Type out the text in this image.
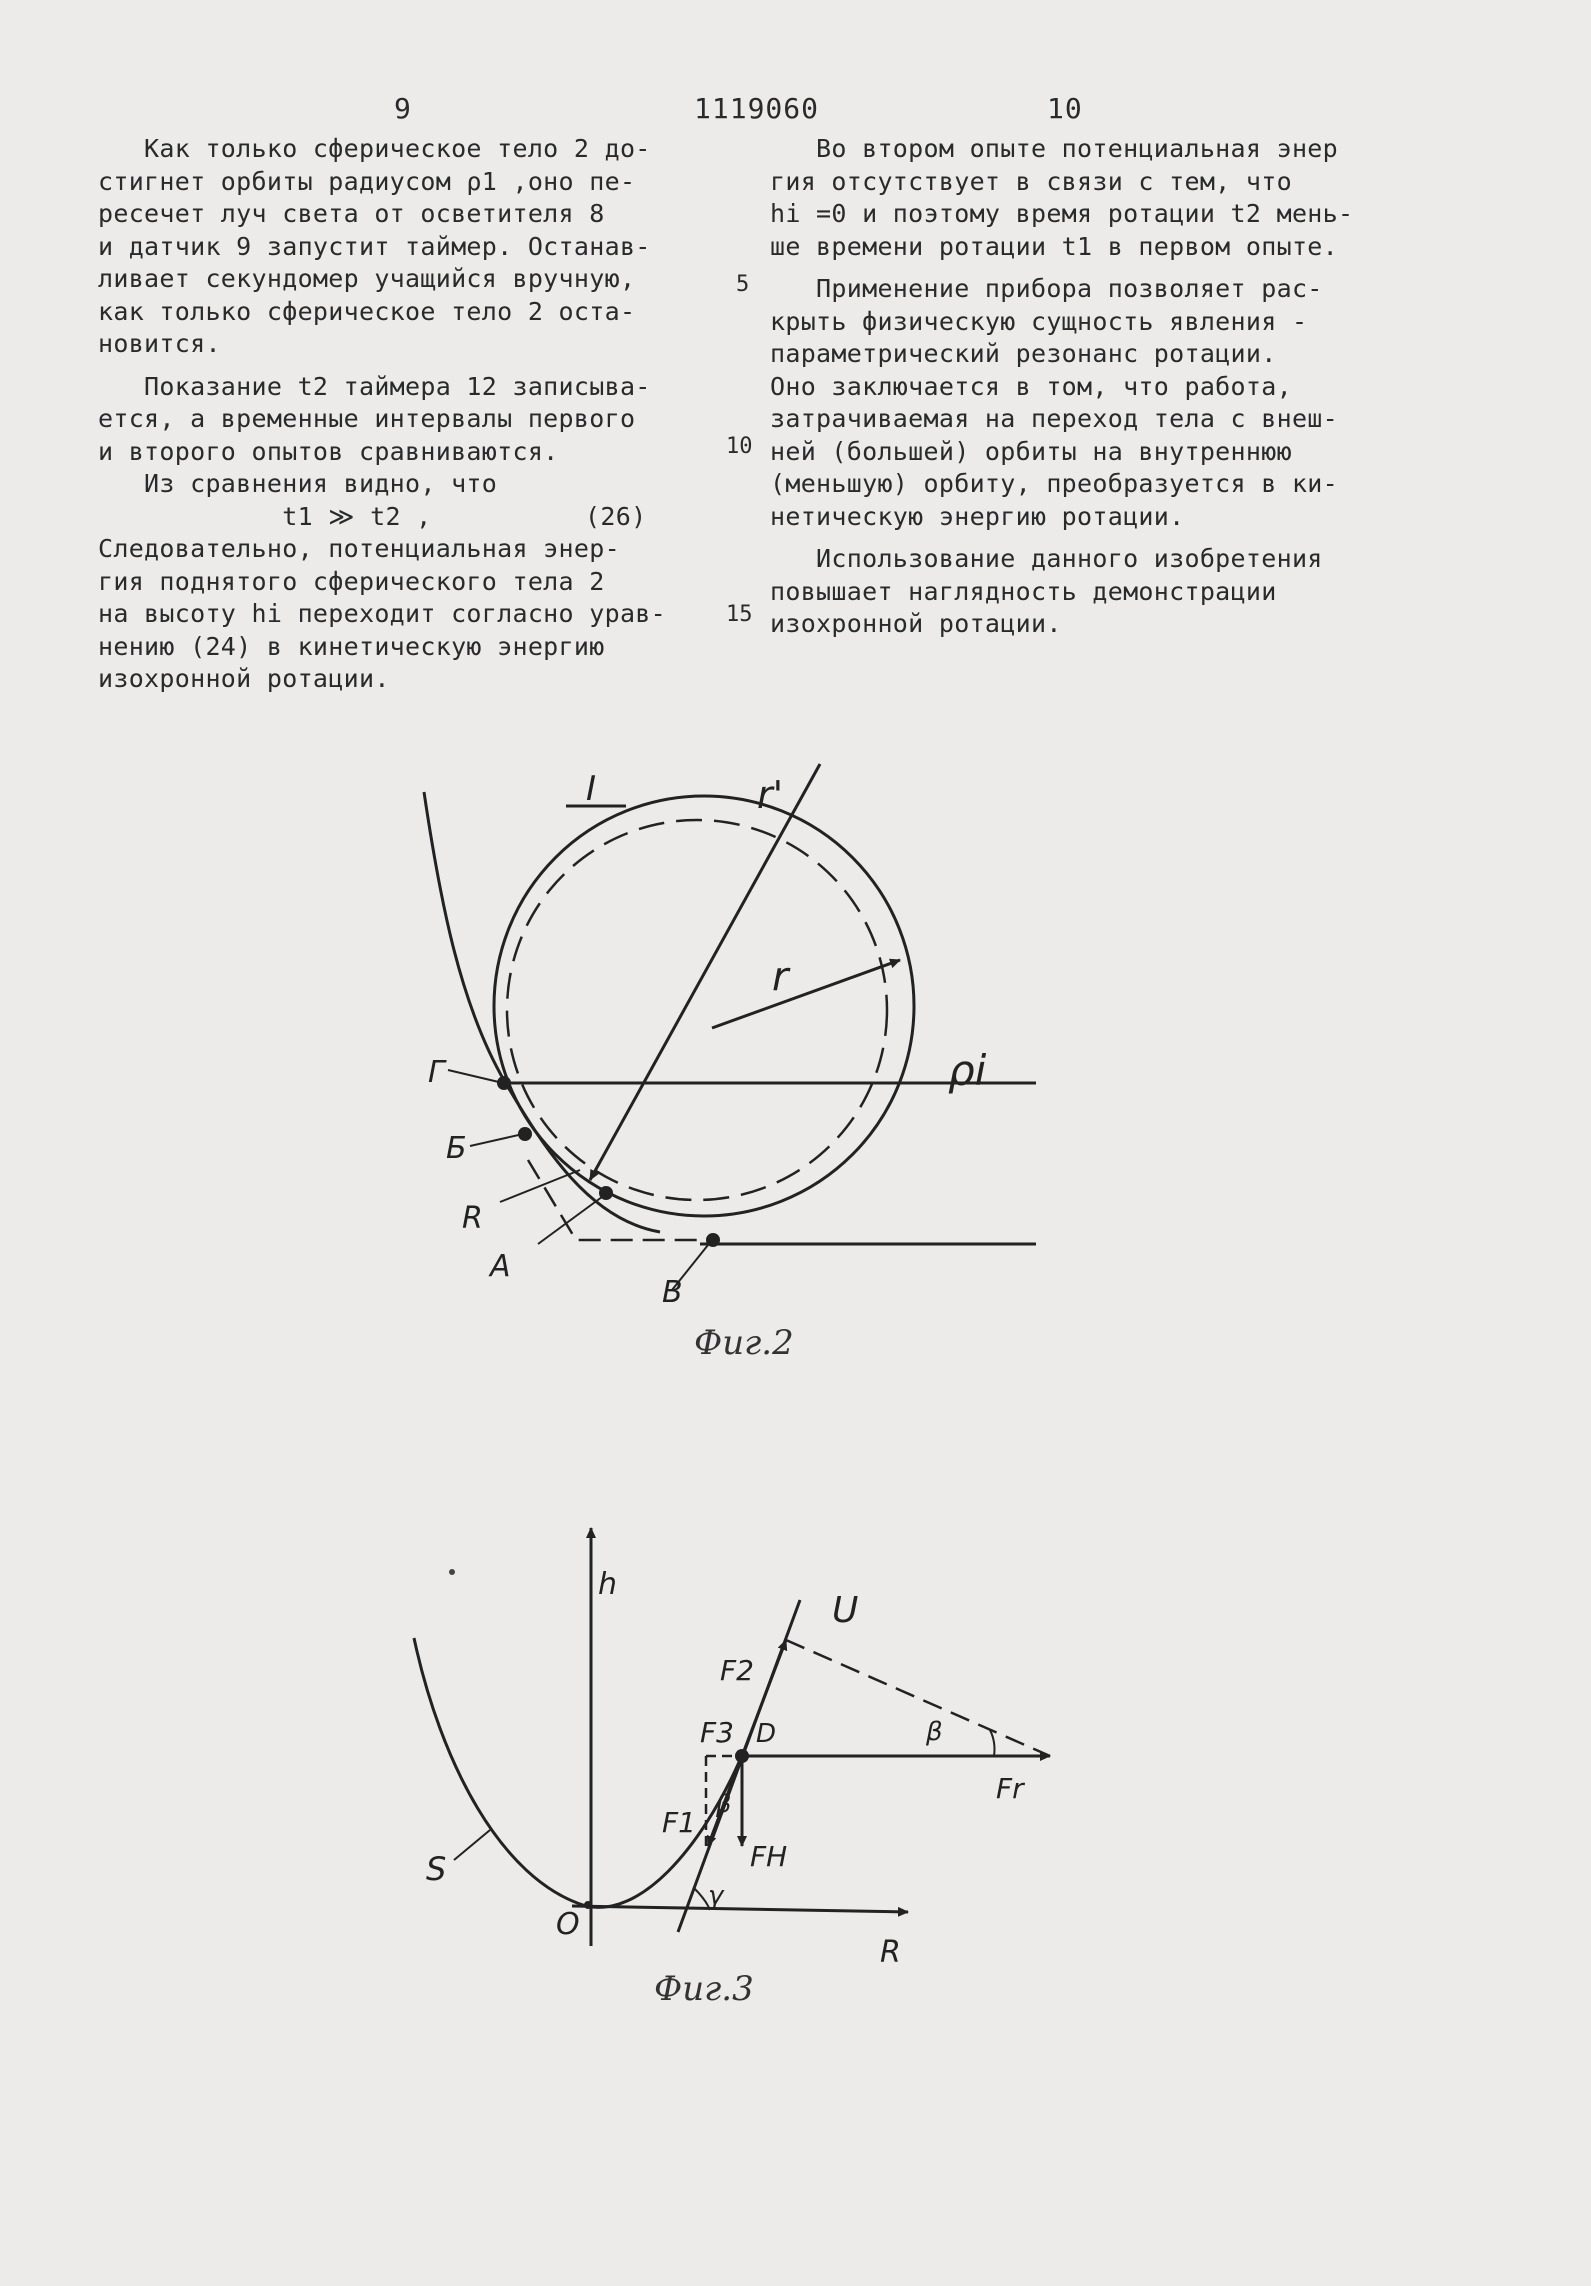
9	1119060	10
Как только сферическое тело 2 до-
стигнет орбиты радиусом ρ1 ,оно пе-
ресечет луч света от осветителя 8
и датчик 9 запустит таймер. Останав-
ливает секундомер учащийся вручную,
как только сферическое тело 2 оста-
новится.
Показание t2 таймера 12 записыва-
ется, а временные интервалы первого
и второго опытов сравниваются.
Из сравнения видно, что
t1 ≫ t2 ,          (26)
Следовательно, потенциальная энер-
гия поднятого сферического тела 2
на высоту hi переходит согласно урав-
нению (24) в кинетическую энергию
изохронной ротации.
Во втором опыте потенциальная энер
гия отсутствует в связи с тем, что
hi =0 и поэтому время ротации t2 мень-
ше времени ротации t1 в первом опыте.
Применение прибора позволяет рас-
крыть физическую сущность явления -
параметрический резонанс ротации.
Оно заключается в том, что работа,
затрачиваемая на переход тела с внеш-
ней (большей) орбиты на внутреннюю
(меньшую) орбиту, преобразуется в ки-
нетическую энергию ротации.
Использование данного изобретения
повышает наглядность демонстрации
изохронной ротации.
5
10
15
I	r'
r
ρi
Г
Б
R
A
B
Фиг.2
h
R
O
S
U
F2
F3 D
Fr
F1
FH
β
β
γ
Фиг.3
